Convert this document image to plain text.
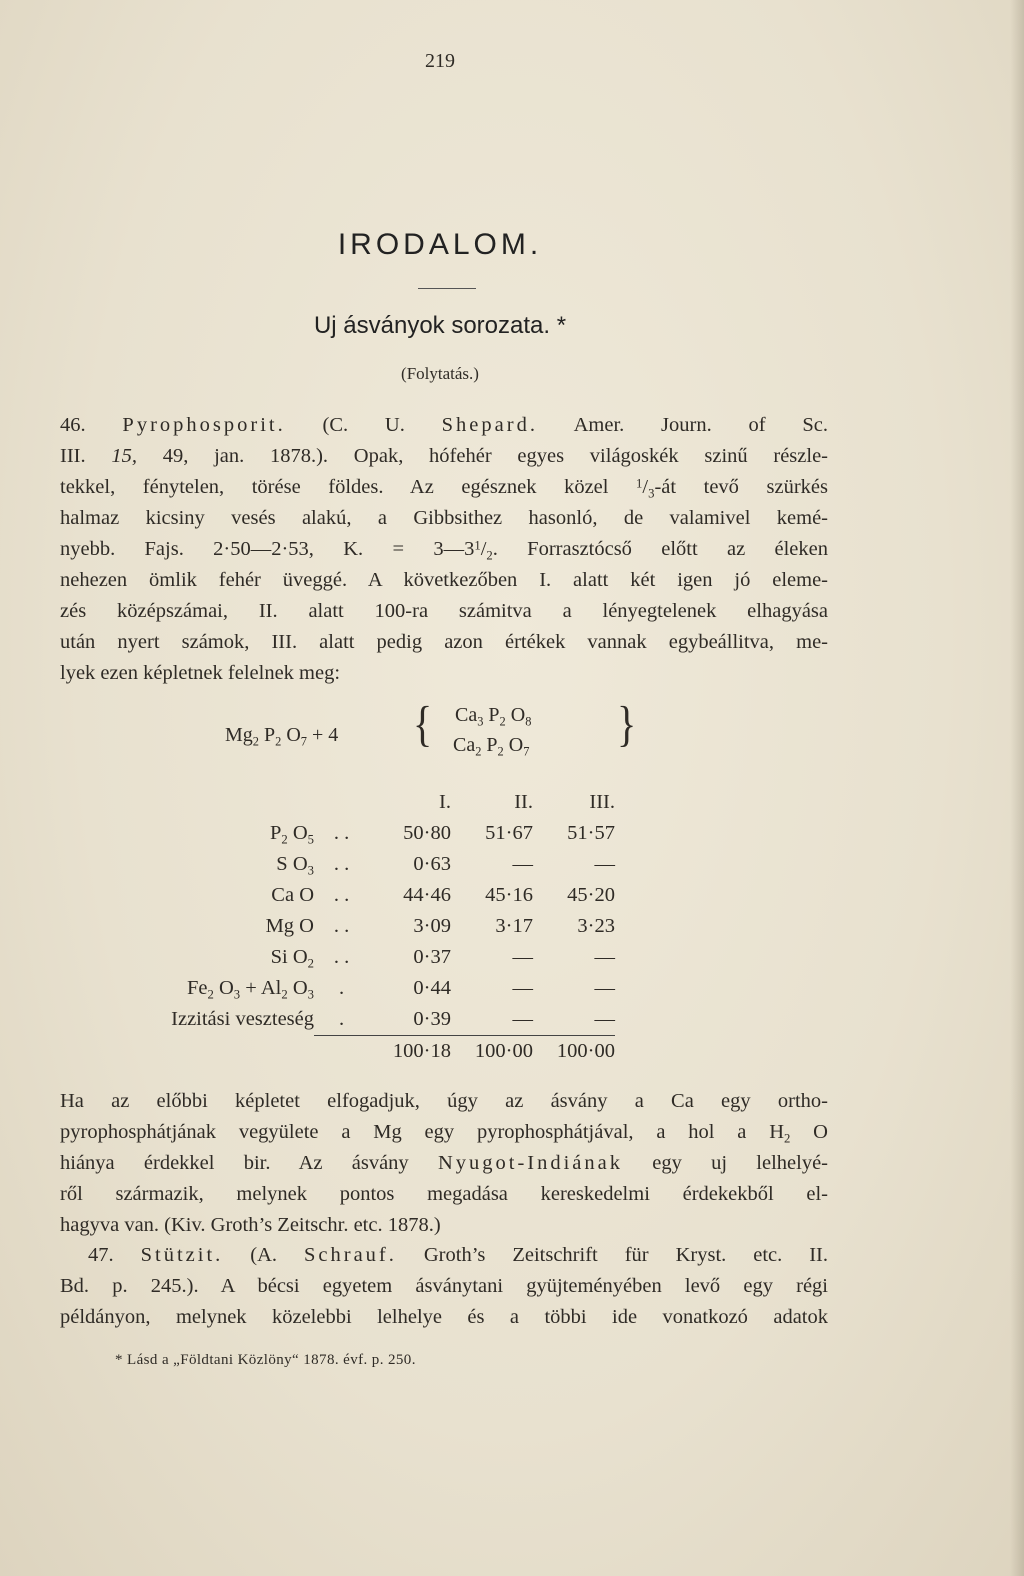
219
IRODALOM.
Uj ásványok sorozata. *
(Folytatás.)
46. Pyrophosporit. (C. U. Shepard. Amer. Journ. of Sc.
III. 15, 49, jan. 1878.). Opak, hófehér egyes világoskék szinű részle-
tekkel, fénytelen, törése földes. Az egésznek közel $^1/_3-át$ tevő szürkés
halmaz kicsiny vesés alakú, a Gibbsithez hasonló, de valamivel kemé-
nyebb. Fajs. 2·50—2·53, K. = $3—3^1/_2$. Forrasztócső előtt az éleken
nehezen ömlik fehér üveggé. A következőben I. alatt két igen jó eleme-
zés középszámai, II. alatt 100-ra számitva a lényegtelenek elhagyása
után nyert számok, III. alatt pedig azon értékek vannak egybeállitva, me-
lyek ezen képletnek felelnek meg:
$Mg_2$ $P_2$ $O_7 + 4$ { $Ca_3$ $P_2$ $O_8$
$Ca_2$ $P_2$ $O_7$ }
		I.	II.	III.
$P_2$ $O_5$	. .	50·80	51·67	51·57
S $O_3$	. .	0·63	—	—
Ca O	. .	44·46	45·16	45·20
Mg O	. .	3·09	3·17	3·23
Si $O_2$	. .	0·37	—	—
$Fe_2$ $O_3 + Al_2$ $O_3$	.	0·44	—	—
Izzitási veszteség	.	0·39	—	—
		100·18	100·00	100·00
Ha az előbbi képletet elfogadjuk, úgy az ásvány a Ca egy ortho-
pyrophosphátjának vegyülete a Mg egy pyrophosphátjával, a hol a $H_2$ O
hiánya érdekkel bir. Az ásvány Nyugot-Indiának egy uj lelhelyé-
ről származik, melynek pontos megadása kereskedelmi érdekekből el-
hagyva van. (Kiv. Groth’s Zeitschr. etc. 1878.)
47. Stützit. (A. Schrauf. Groth’s Zeitschrift für Kryst. etc. II.
Bd. p. 245.). A bécsi egyetem ásványtani gyüjteményében levő egy régi
példányon, melynek közelebbi lelhelye és a többi ide vonatkozó adatok
* Lásd a „Földtani Közlöny“ 1878. évf. p. 250.
